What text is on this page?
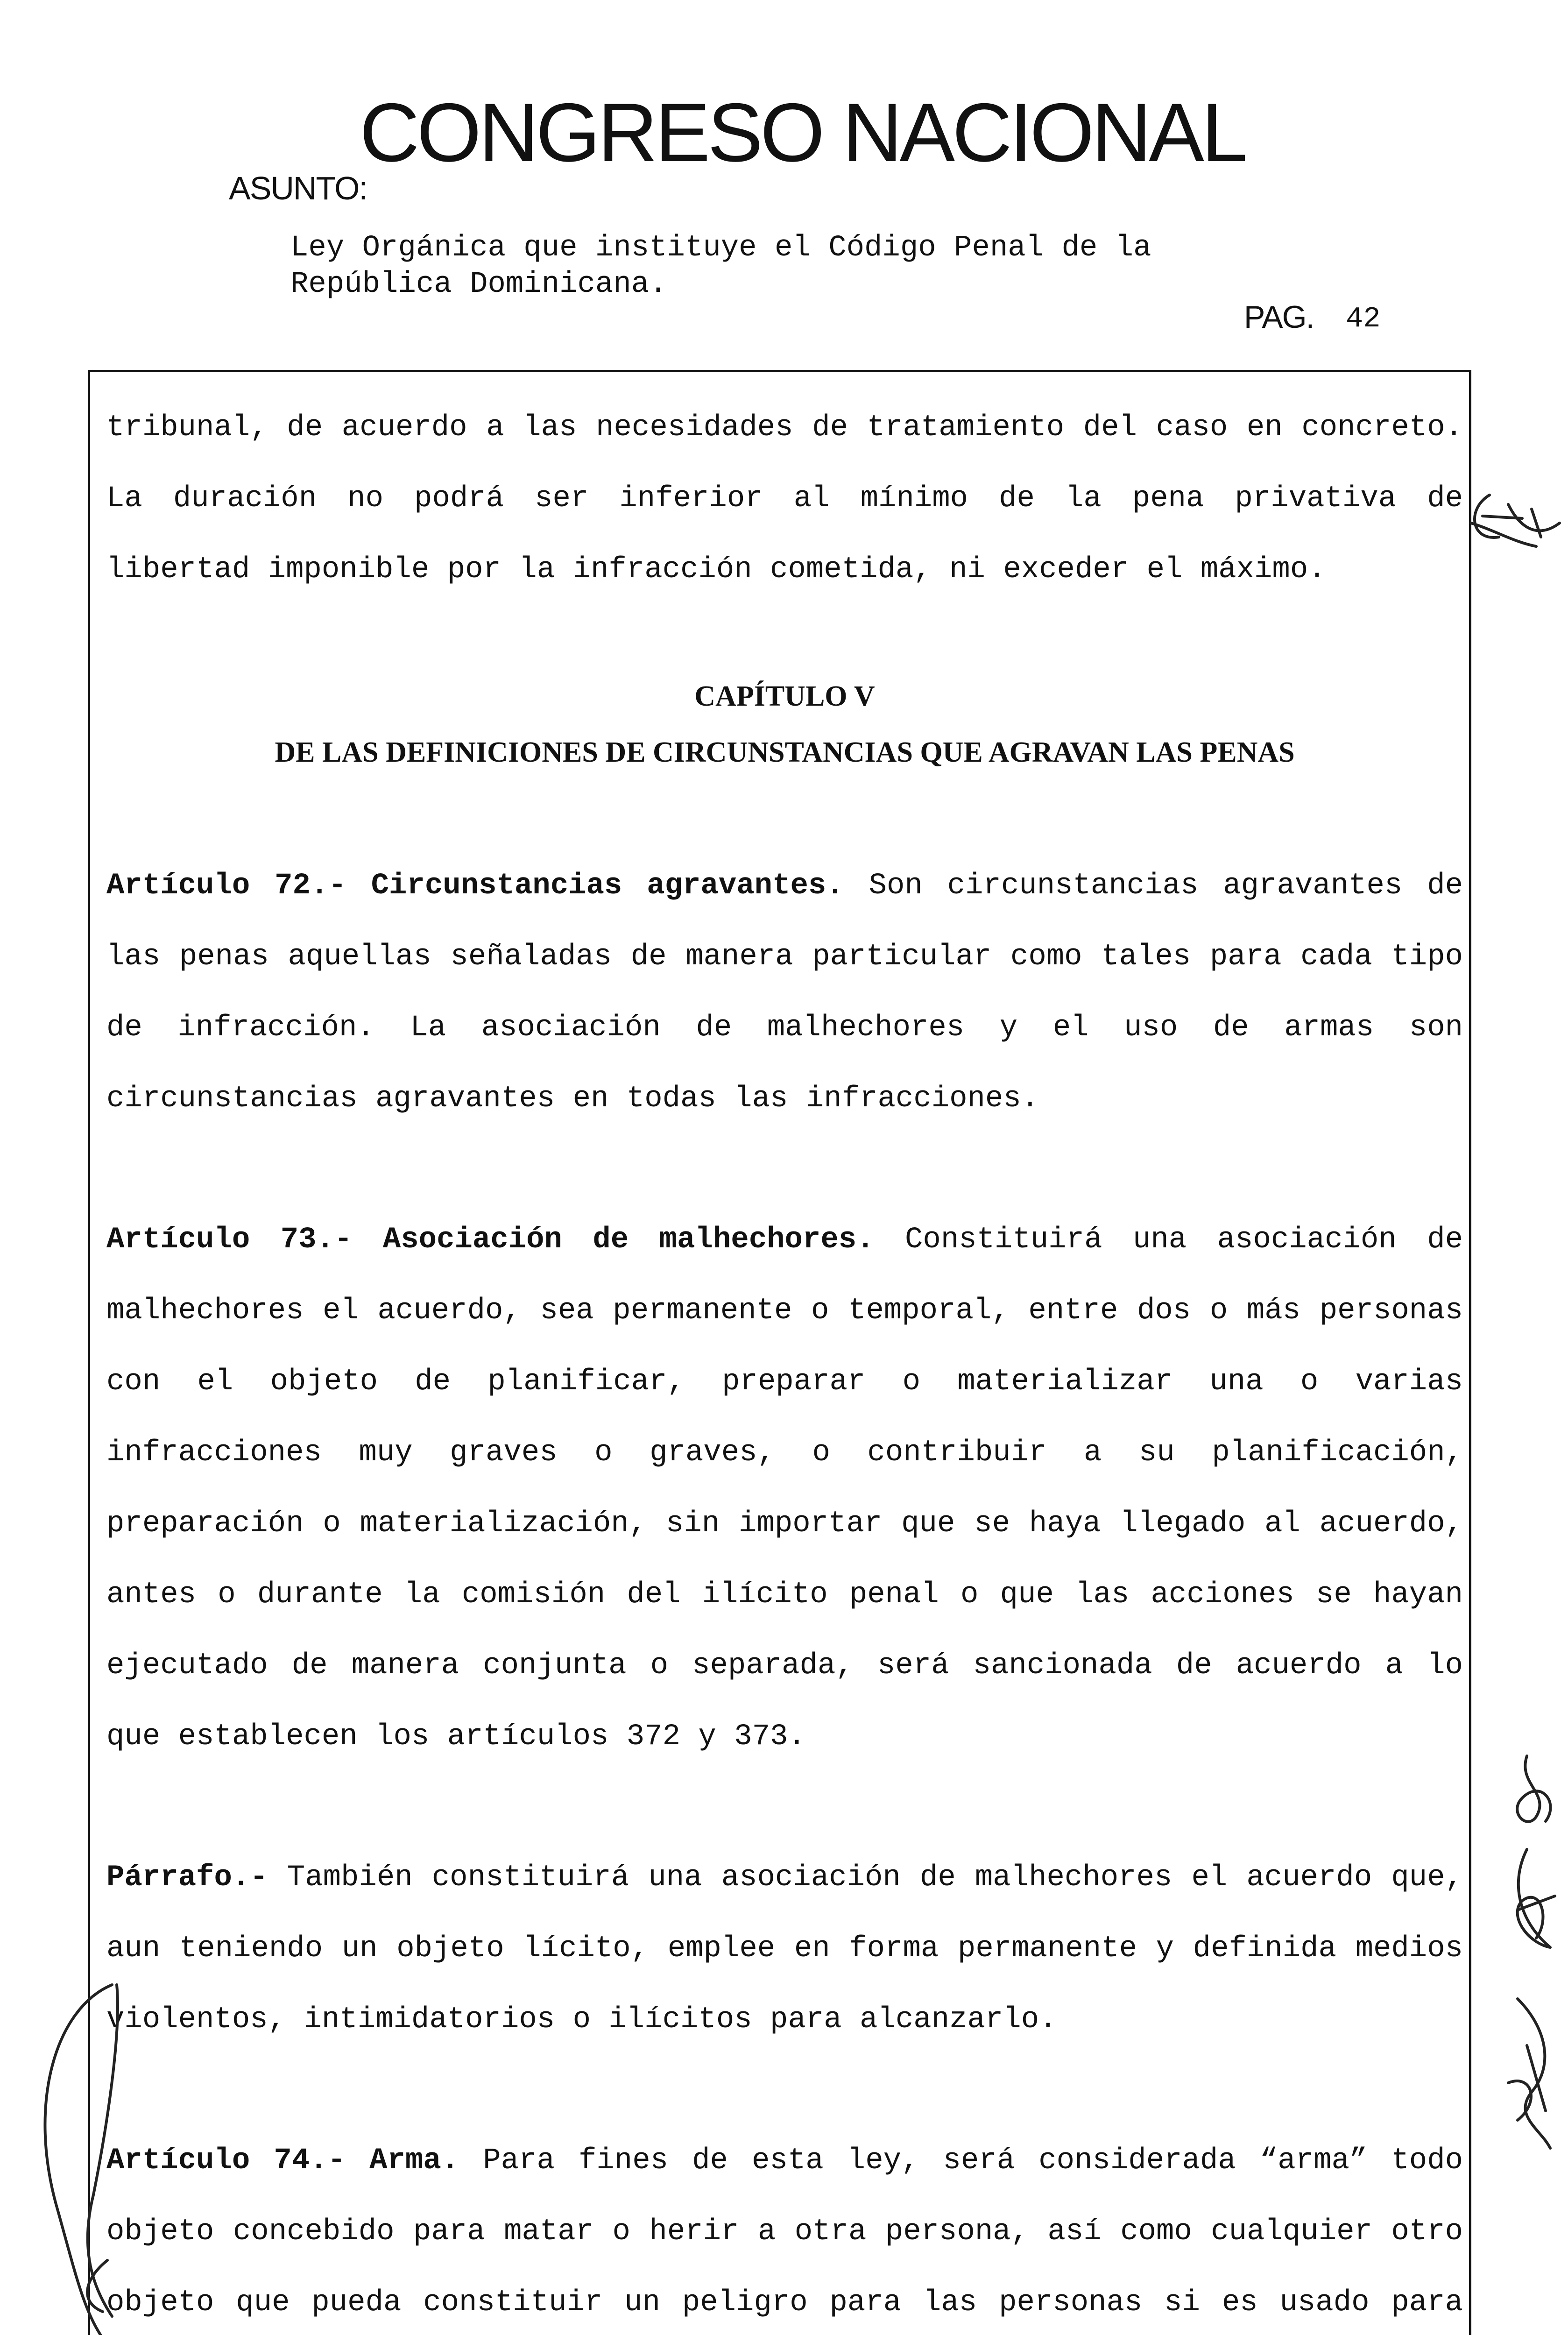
CONGRESO NACIONAL
ASUNTO:
Ley Orgánica que instituye el Código Penal de la
República Dominicana.
PAG. 42

tribunal, de acuerdo a las necesidades de tratamiento del caso en concreto. La duración no podrá ser inferior al mínimo de la pena privativa de libertad imponible por la infracción cometida, ni exceder el máximo.

CAPÍTULO V

DE LAS DEFINICIONES DE CIRCUNSTANCIAS QUE AGRAVAN LAS PENAS

Artículo 72.- Circunstancias agravantes. Son circunstancias agravantes de las penas aquellas señaladas de manera particular como tales para cada tipo de infracción. La asociación de malhechores y el uso de armas son circunstancias agravantes en todas las infracciones.

Artículo 73.- Asociación de malhechores. Constituirá una asociación de malhechores el acuerdo, sea permanente o temporal, entre dos o más personas con el objeto de planificar, preparar o materializar una o varias infracciones muy graves o graves, o contribuir a su planificación, preparación o materialización, sin importar que se haya llegado al acuerdo, antes o durante la comisión del ilícito penal o que las acciones se hayan ejecutado de manera conjunta o separada, será sancionada de acuerdo a lo que establecen los artículos 372 y 373.

Párrafo.- También constituirá una asociación de malhechores el acuerdo que, aun teniendo un objeto lícito, emplee en forma permanente y definida medios violentos, intimidatorios o ilícitos para alcanzarlo.

Artículo 74.- Arma. Para fines de esta ley, será considerada “arma” todo objeto concebido para matar o herir a otra persona, así como cualquier otro objeto que pueda constituir un peligro para las personas si es usado para
